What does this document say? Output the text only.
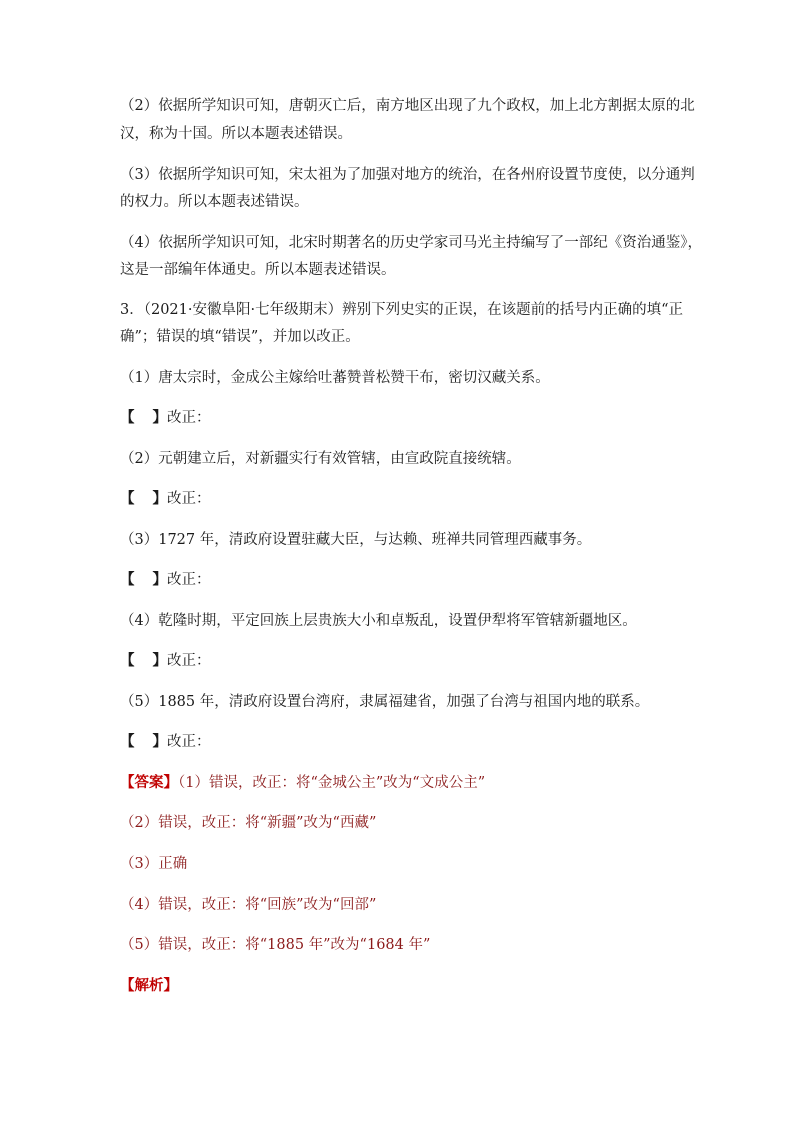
（2）依据所学知识可知，唐朝灭亡后，南方地区出现了九个政权，加上北方割据太原的北
汉，称为十国。所以本题表述错误。
（3）依据所学知识可知，宋太祖为了加强对地方的统治，在各州府设置节度使，以分通判
的权力。所以本题表述错误。
（4）依据所学知识可知，北宋时期著名的历史学家司马光主持编写了一部纪《资治通鉴》，
这是一部编年体通史。所以本题表述错误。
3．（2021·安徽阜阳·七年级期末）辨别下列史实的正误，在该题前的括号内正确的填“正
确”；错误的填“错误”，并加以改正。
（1）唐太宗时，金成公主嫁给吐蕃赞普松赞干布，密切汉藏关系。
【 】改正：
（2）元朝建立后，对新疆实行有效管辖，由宣政院直接统辖。
【 】改正：
（3）1727 年，清政府设置驻藏大臣，与达赖、班禅共同管理西藏事务。
【 】改正：
（4）乾隆时期，平定回族上层贵族大小和卓叛乱，设置伊犁将军管辖新疆地区。
【 】改正：
（5）1885 年，清政府设置台湾府，隶属福建省，加强了台湾与祖国内地的联系。
【 】改正：
【答案】（1）错误，改正：将“金城公主”改为“文成公主”
（2）错误，改正：将“新疆”改为“西藏”
（3）正确
（4）错误，改正：将“回族”改为“回部”
（5）错误，改正：将“1885 年”改为“1684 年”
【解析】
